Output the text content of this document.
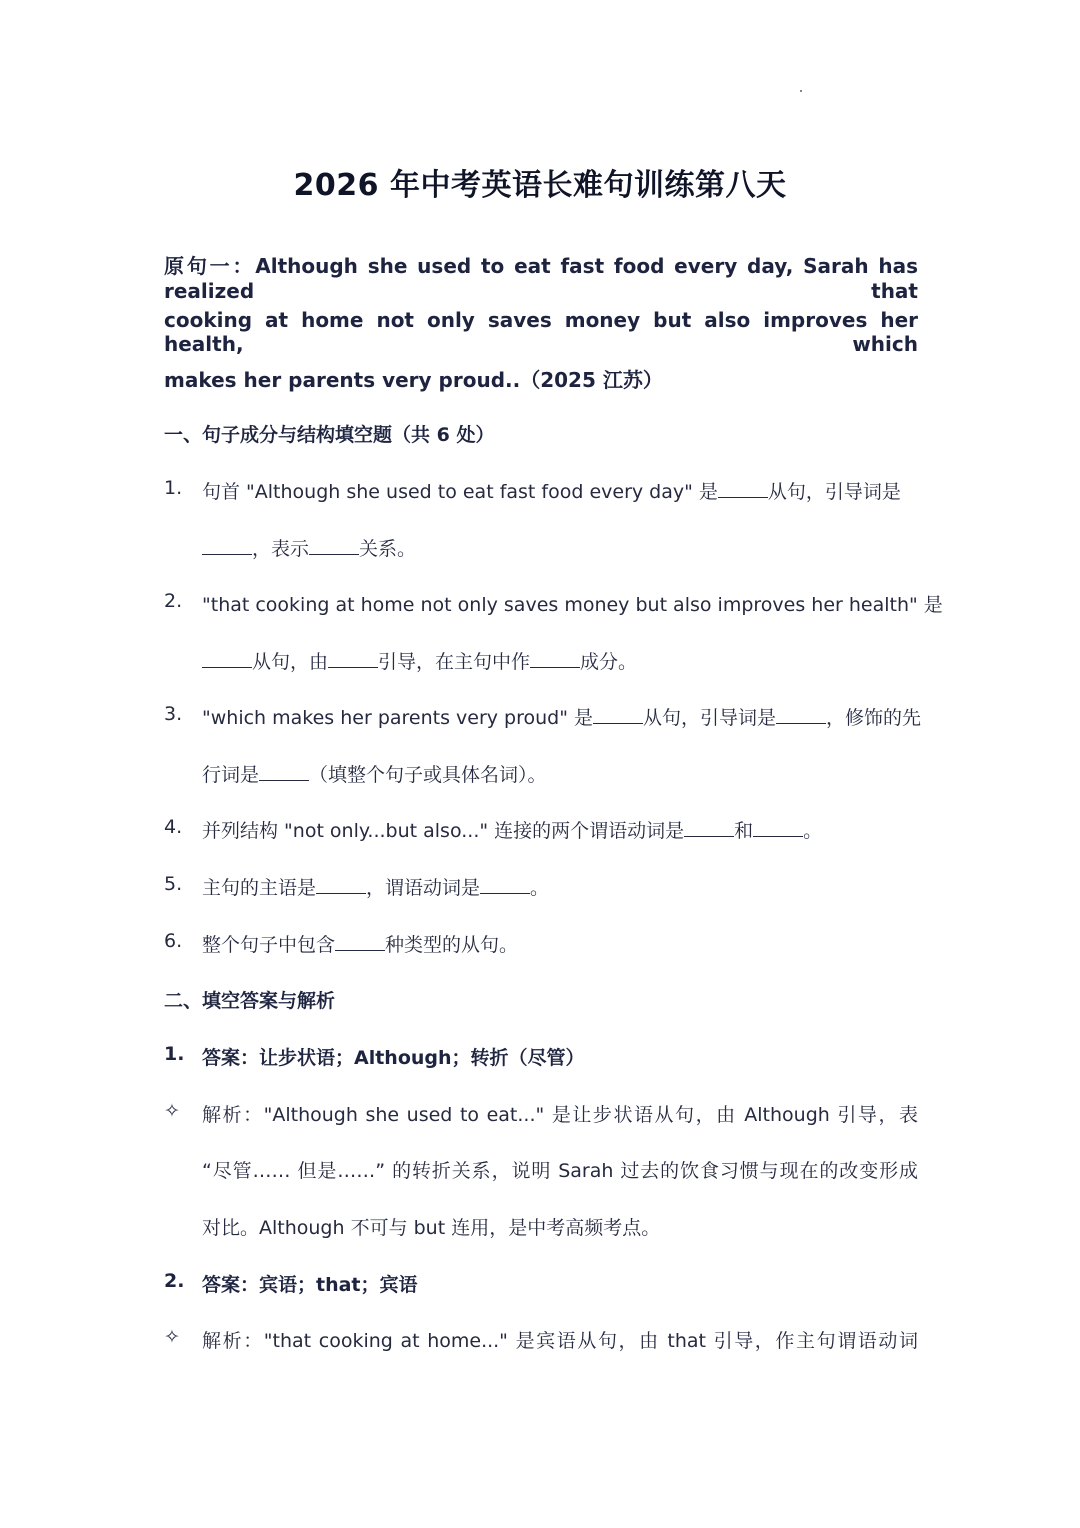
2026 年中考英语长难句训练第八天
原句一：Although she used to eat fast food every day, Sarah has realized that
cooking at home not only saves money but also improves her health, which
makes her parents very proud..（2025 江苏）
一、句子成分与结构填空题（共 6 处）
1. 句首 "Although she used to eat fast food every day" 是	从句，引导词是
，表示	关系。
2. "that cooking at home not only saves money but also improves her health" 是
从句，由	引导，在主句中作	成分。
3. "which makes her parents very proud" 是	从句，引导词是	，修饰的先
行词是	（填整个句子或具体名词）。
4. 并列结构 "not only...but also..." 连接的两个谓语动词是	和	。
5. 主句的主语是	，谓语动词是	。
6. 整个句子中包含	种类型的从句。
二、填空答案与解析
1. 答案：让步状语；Although；转折（尽管）
✧ 解析："Although she used to eat..." 是让步状语从句，由 Although 引导，表
“尽管…… 但是……” 的转折关系，说明 Sarah 过去的饮食习惯与现在的改变形成
对比。Although 不可与 but 连用，是中考高频考点。
2. 答案：宾语；that；宾语
✧ 解析："that cooking at home..." 是宾语从句，由 that 引导，作主句谓语动词
